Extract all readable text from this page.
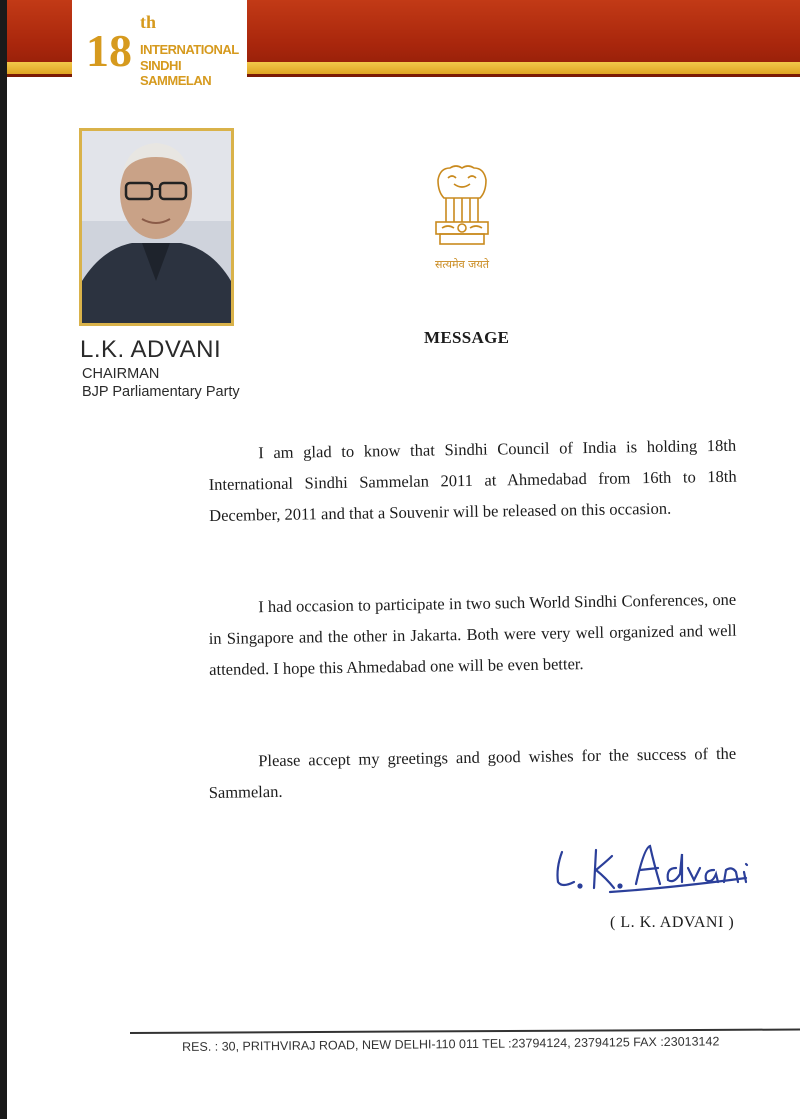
18
th
INTERNATIONAL
SINDHI SAMMELAN
L.K. ADVANI
CHAIRMAN
BJP Parliamentary Party
सत्यमेव जयते
MESSAGE
I am glad to know that Sindhi Council of India is holding 18th International Sindhi Sammelan 2011 at Ahmedabad from 16th to 18th December, 2011 and that a Souvenir will be released on this occasion.
I had occasion to participate in two such World Sindhi Conferences, one in Singapore and the other in Jakarta. Both were very well organized and well attended. I hope this Ahmedabad one will be even better.
Please accept my greetings and good wishes for the success of the Sammelan.
( L. K. ADVANI )
RES. : 30, PRITHVIRAJ ROAD, NEW DELHI-110 011 TEL :23794124, 23794125 FAX :23013142
